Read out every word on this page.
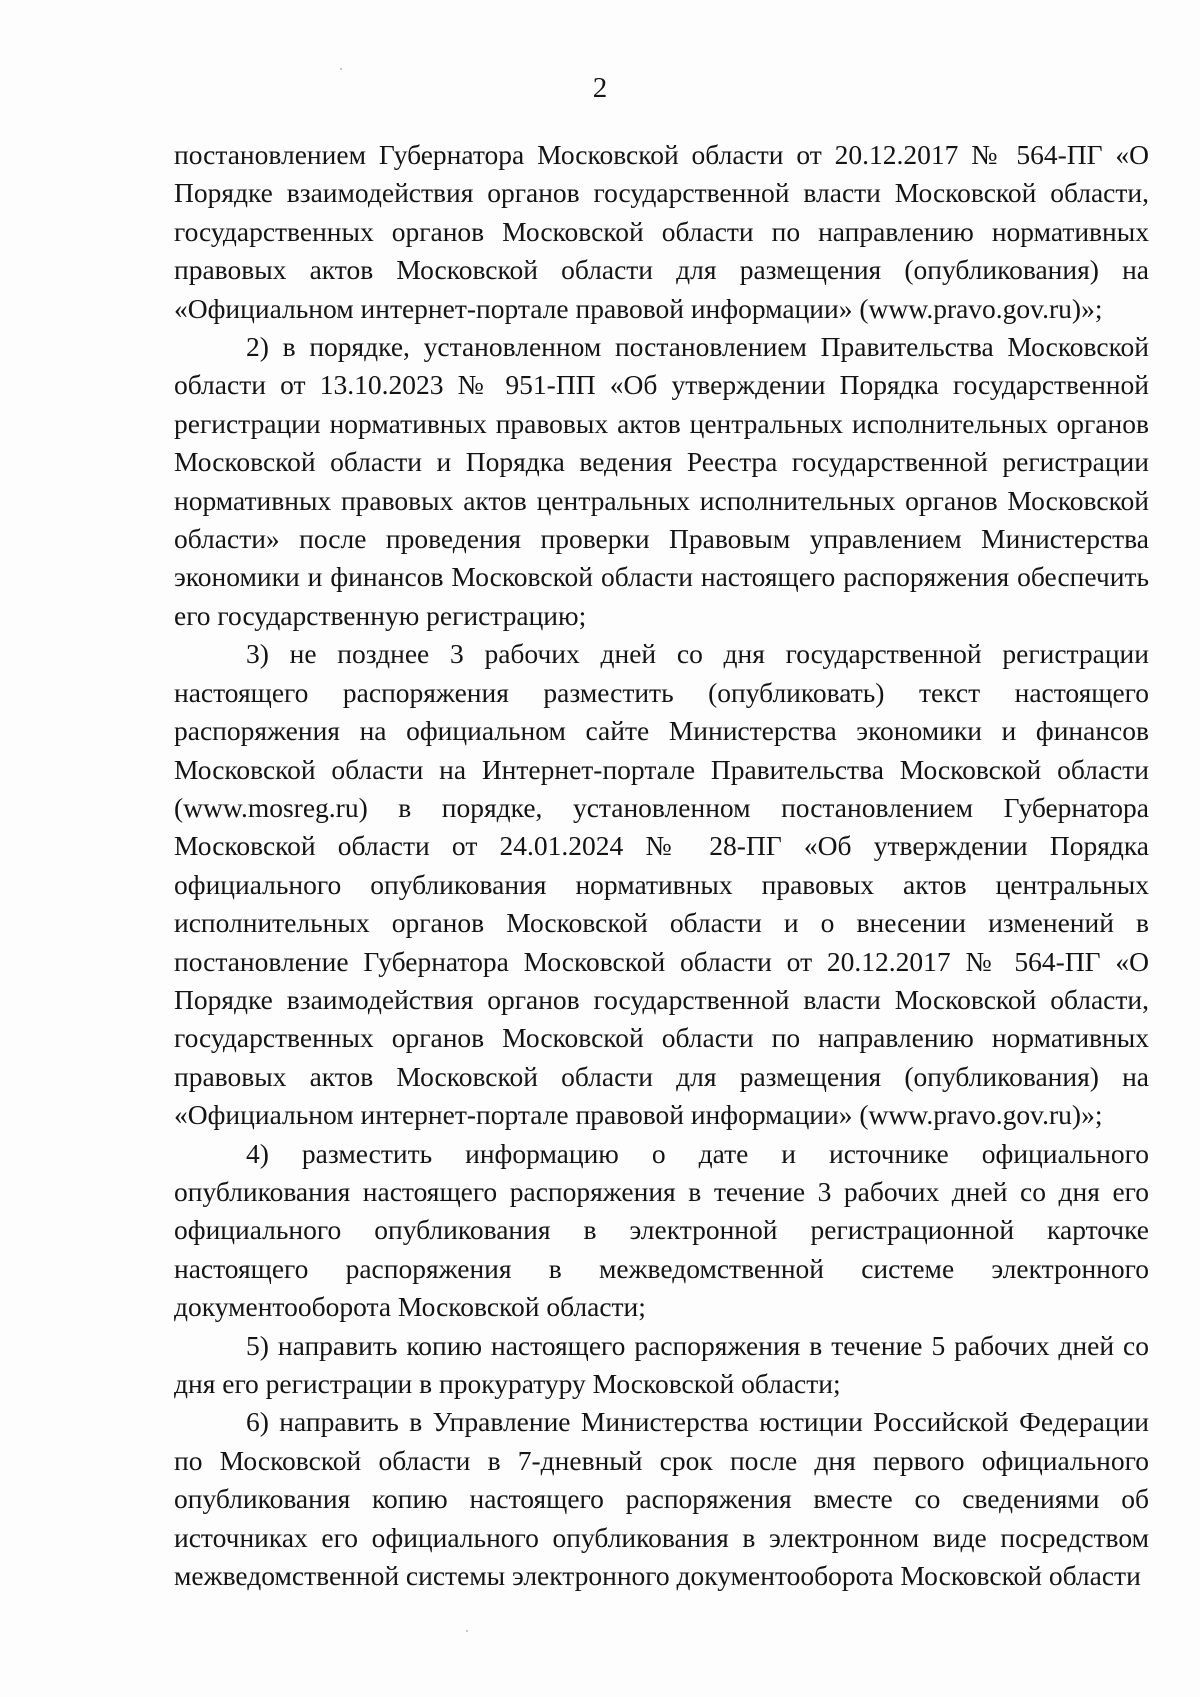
2

постановлением Губернатора Московской области от 20.12.2017 № 564-ПГ «О Порядке взаимодействия органов государственной власти Московской области, государственных органов Московской области по направлению нормативных правовых актов Московской области для размещения (опубликования) на «Официальном интернет-портале правовой информации» (www.pravo.gov.ru)»;

2) в порядке, установленном постановлением Правительства Московской области от 13.10.2023 № 951-ПП «Об утверждении Порядка государственной регистрации нормативных правовых актов центральных исполнительных органов Московской области и Порядка ведения Реестра государственной регистрации нормативных правовых актов центральных исполнительных органов Московской области» после проведения проверки Правовым управлением Министерства экономики и финансов Московской области настоящего распоряжения обеспечить его государственную регистрацию;

3) не позднее 3 рабочих дней со дня государственной регистрации настоящего распоряжения разместить (опубликовать) текст настоящего распоряжения на официальном сайте Министерства экономики и финансов Московской области на Интернет-портале Правительства Московской области (www.mosreg.ru) в порядке, установленном постановлением Губернатора Московской области от 24.01.2024 № 28-ПГ «Об утверждении Порядка официального опубликования нормативных правовых актов центральных исполнительных органов Московской области и о внесении изменений в постановление Губернатора Московской области от 20.12.2017 № 564-ПГ «О Порядке взаимодействия органов государственной власти Московской области, государственных органов Московской области по направлению нормативных правовых актов Московской области для размещения (опубликования) на «Официальном интернет-портале правовой информации» (www.pravo.gov.ru)»;

4) разместить информацию о дате и источнике официального опубликования настоящего распоряжения в течение 3 рабочих дней со дня его официального опубликования в электронной регистрационной карточке настоящего распоряжения в межведомственной системе электронного документооборота Московской области;

5) направить копию настоящего распоряжения в течение 5 рабочих дней со дня его регистрации в прокуратуру Московской области;

6) направить в Управление Министерства юстиции Российской Федерации по Московской области в 7-дневный срок после дня первого официального опубликования копию настоящего распоряжения вместе со сведениями об источниках его официального опубликования в электронном виде посредством межведомственной системы электронного документооборота Московской области
